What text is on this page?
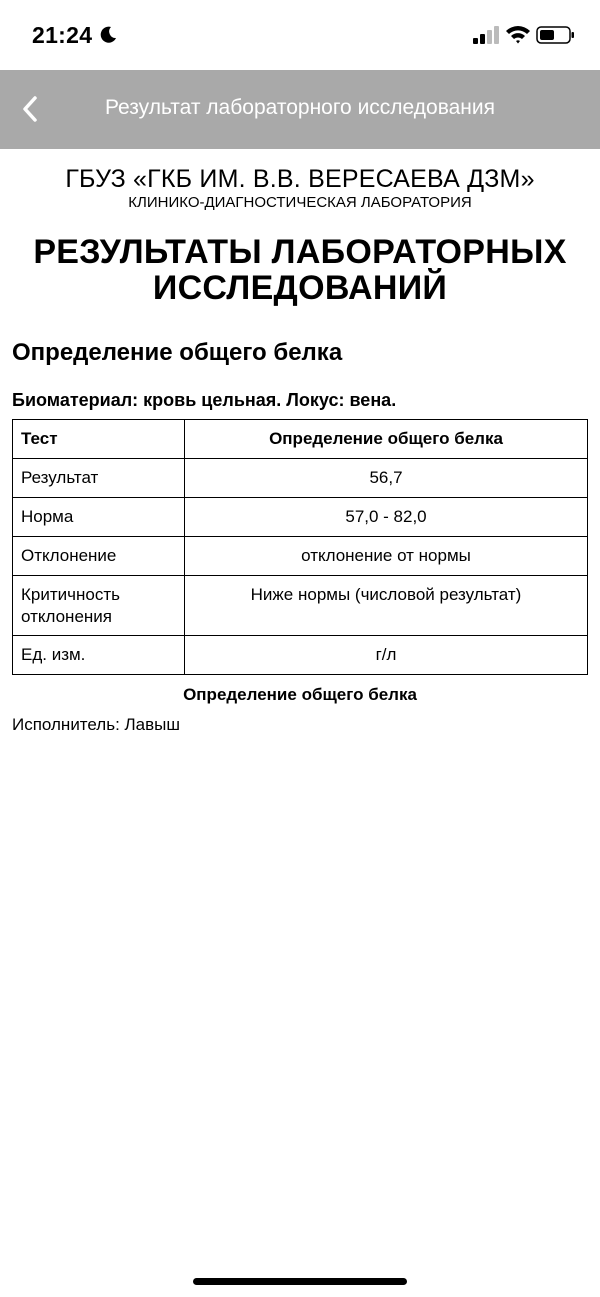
21:24
Результат лабораторного исследования
ГБУЗ «ГКБ ИМ. В.В. ВЕРЕСАЕВА ДЗМ»
КЛИНИКО-ДИАГНОСТИЧЕСКАЯ ЛАБОРАТОРИЯ
РЕЗУЛЬТАТЫ ЛАБОРАТОРНЫХ
ИССЛЕДОВАНИЙ
Определение общего белка
Биоматериал: кровь цельная. Локус: вена.
Тест	Определение общего белка
Результат	56,7
Норма	57,0 - 82,0
Отклонение	отклонение от нормы
Критичность отклонения	Ниже нормы (числовой результат)
Ед. изм.	г/л
Определение общего белка
Исполнитель: Лавыш
